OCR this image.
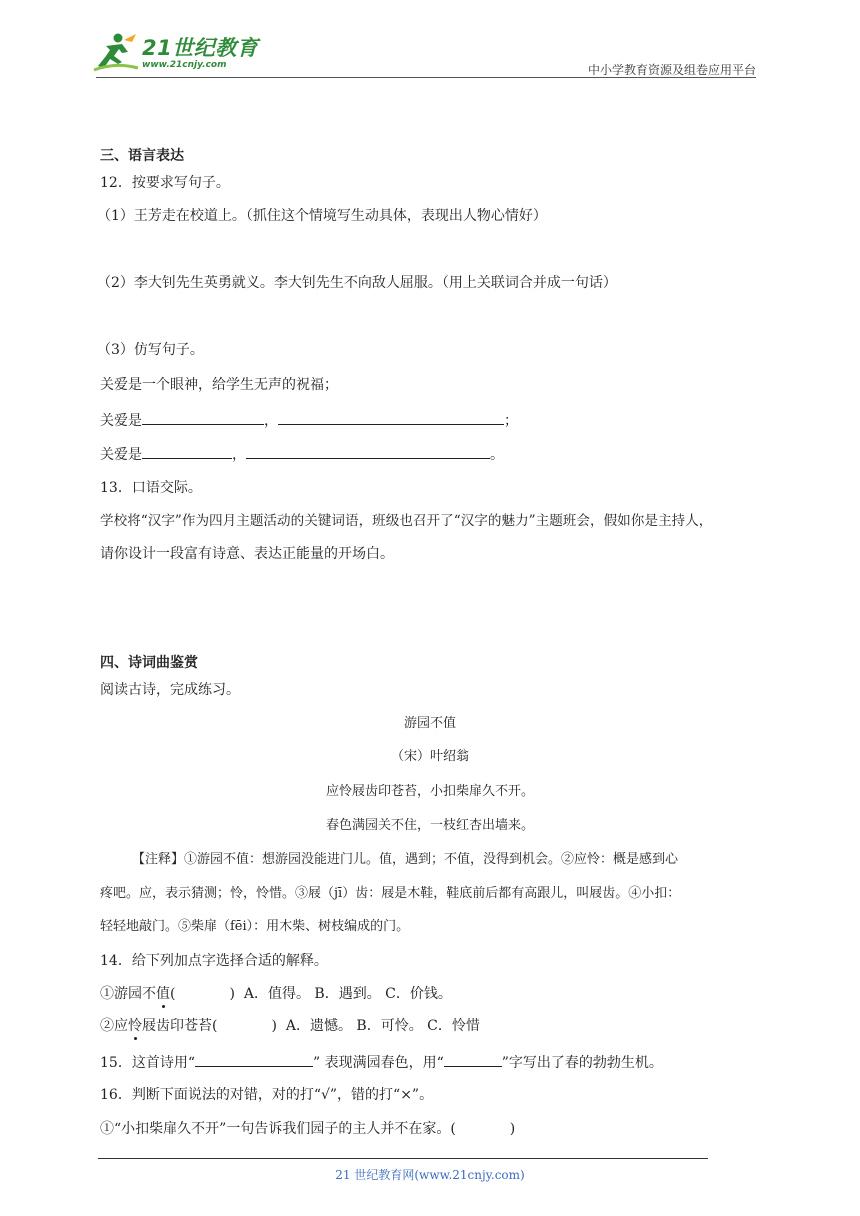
21世纪教育
www.21cnjy.com	中小学教育资源及组卷应用平台
三、语言表达
12．按要求写句子。
（1）王芳走在校道上。（抓住这个情境写生动具体，表现出人物心情好）
（2）李大钊先生英勇就义。李大钊先生不向敌人屈服。（用上关联词合并成一句话）
（3）仿写句子。
关爱是一个眼神，给学生无声的祝福；
关爱是	，	；
关爱是	，	。
13．口语交际。
学校将“汉字”作为四月主题活动的关键词语，班级也召开了“汉字的魅力”主题班会，假如你是主持人，
请你设计一段富有诗意、表达正能量的开场白。
四、诗词曲鉴赏
阅读古诗，完成练习。
游园不值
（宋）叶绍翁
应怜屐齿印苍苔，小扣柴扉久不开。
春色满园关不住，一枝红杏出墙来。
【注释】①游园不值：想游园没能进门儿。值，遇到；不值，没得到机会。②应怜：概是感到心
疼吧。应，表示猜测；怜，怜惜。③屐（jī）齿：屐是木鞋，鞋底前后都有高跟儿，叫屐齿。④小扣：
轻轻地敲门。⑤柴扉（fēi）：用木柴、树枝编成的门。
14．给下列加点字选择合适的解释。
①游园不值(	) A．值得。 B．遇到。 C．价钱。
②应怜屐齿印苍苔(	) A．遗憾。 B．可怜。 C．怜惜
15．这首诗用“	” 表现满园春色，用“	”字写出了春的勃勃生机。
16．判断下面说法的对错，对的打“√”，错的打“×”。
①“小扣柴扉久不开”一句告诉我们园子的主人并不在家。(	)
21 世纪教育网(www.21cnjy.com)
